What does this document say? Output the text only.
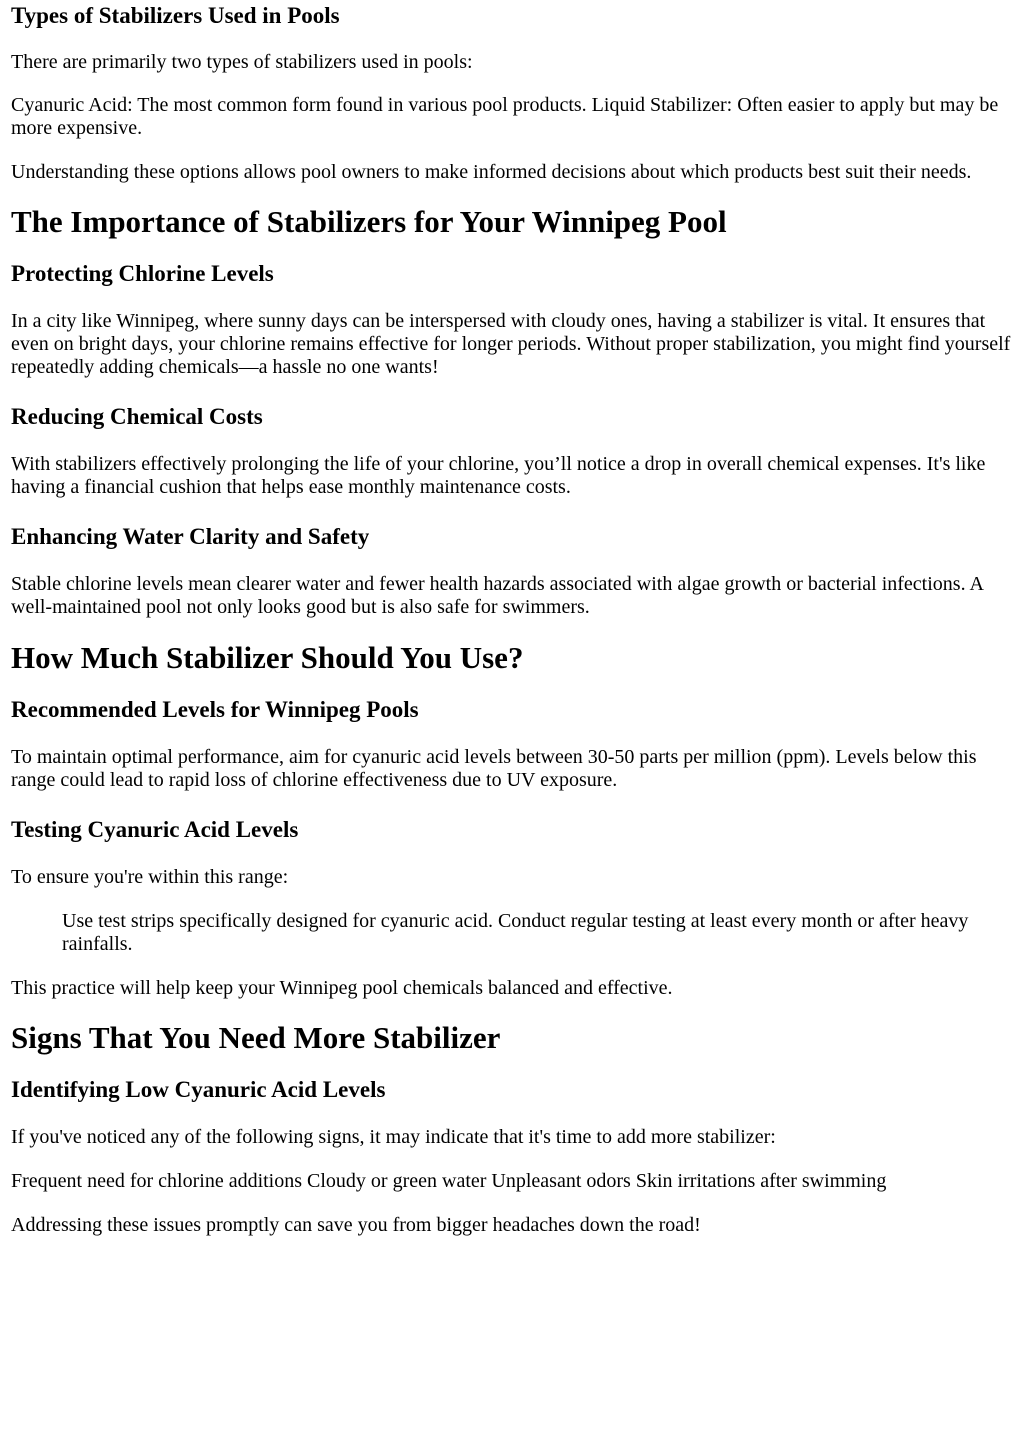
Types of Stabilizers Used in Pools

There are primarily two types of stabilizers used in pools:

Cyanuric Acid: The most common form found in various pool products. Liquid Stabilizer: Often easier to apply but may be more expensive.

Understanding these options allows pool owners to make informed decisions about which products best suit their needs.

The Importance of Stabilizers for Your Winnipeg Pool
Protecting Chlorine Levels

In a city like Winnipeg, where sunny days can be interspersed with cloudy ones, having a stabilizer is vital. It ensures that even on bright days, your chlorine remains effective for longer periods. Without proper stabilization, you might find yourself repeatedly adding chemicals—a hassle no one wants!

Reducing Chemical Costs

With stabilizers effectively prolonging the life of your chlorine, you’ll notice a drop in overall chemical expenses. It's like having a financial cushion that helps ease monthly maintenance costs.

Enhancing Water Clarity and Safety

Stable chlorine levels mean clearer water and fewer health hazards associated with algae growth or bacterial infections. A well-maintained pool not only looks good but is also safe for swimmers.

How Much Stabilizer Should You Use?
Recommended Levels for Winnipeg Pools

To maintain optimal performance, aim for cyanuric acid levels between 30-50 parts per million (ppm). Levels below this range could lead to rapid loss of chlorine effectiveness due to UV exposure.

Testing Cyanuric Acid Levels

To ensure you're within this range:

Use test strips specifically designed for cyanuric acid. Conduct regular testing at least every month or after heavy rainfalls.

This practice will help keep your Winnipeg pool chemicals balanced and effective.

Signs That You Need More Stabilizer
Identifying Low Cyanuric Acid Levels

If you've noticed any of the following signs, it may indicate that it's time to add more stabilizer:

Frequent need for chlorine additions Cloudy or green water Unpleasant odors Skin irritations after swimming

Addressing these issues promptly can save you from bigger headaches down the road!
